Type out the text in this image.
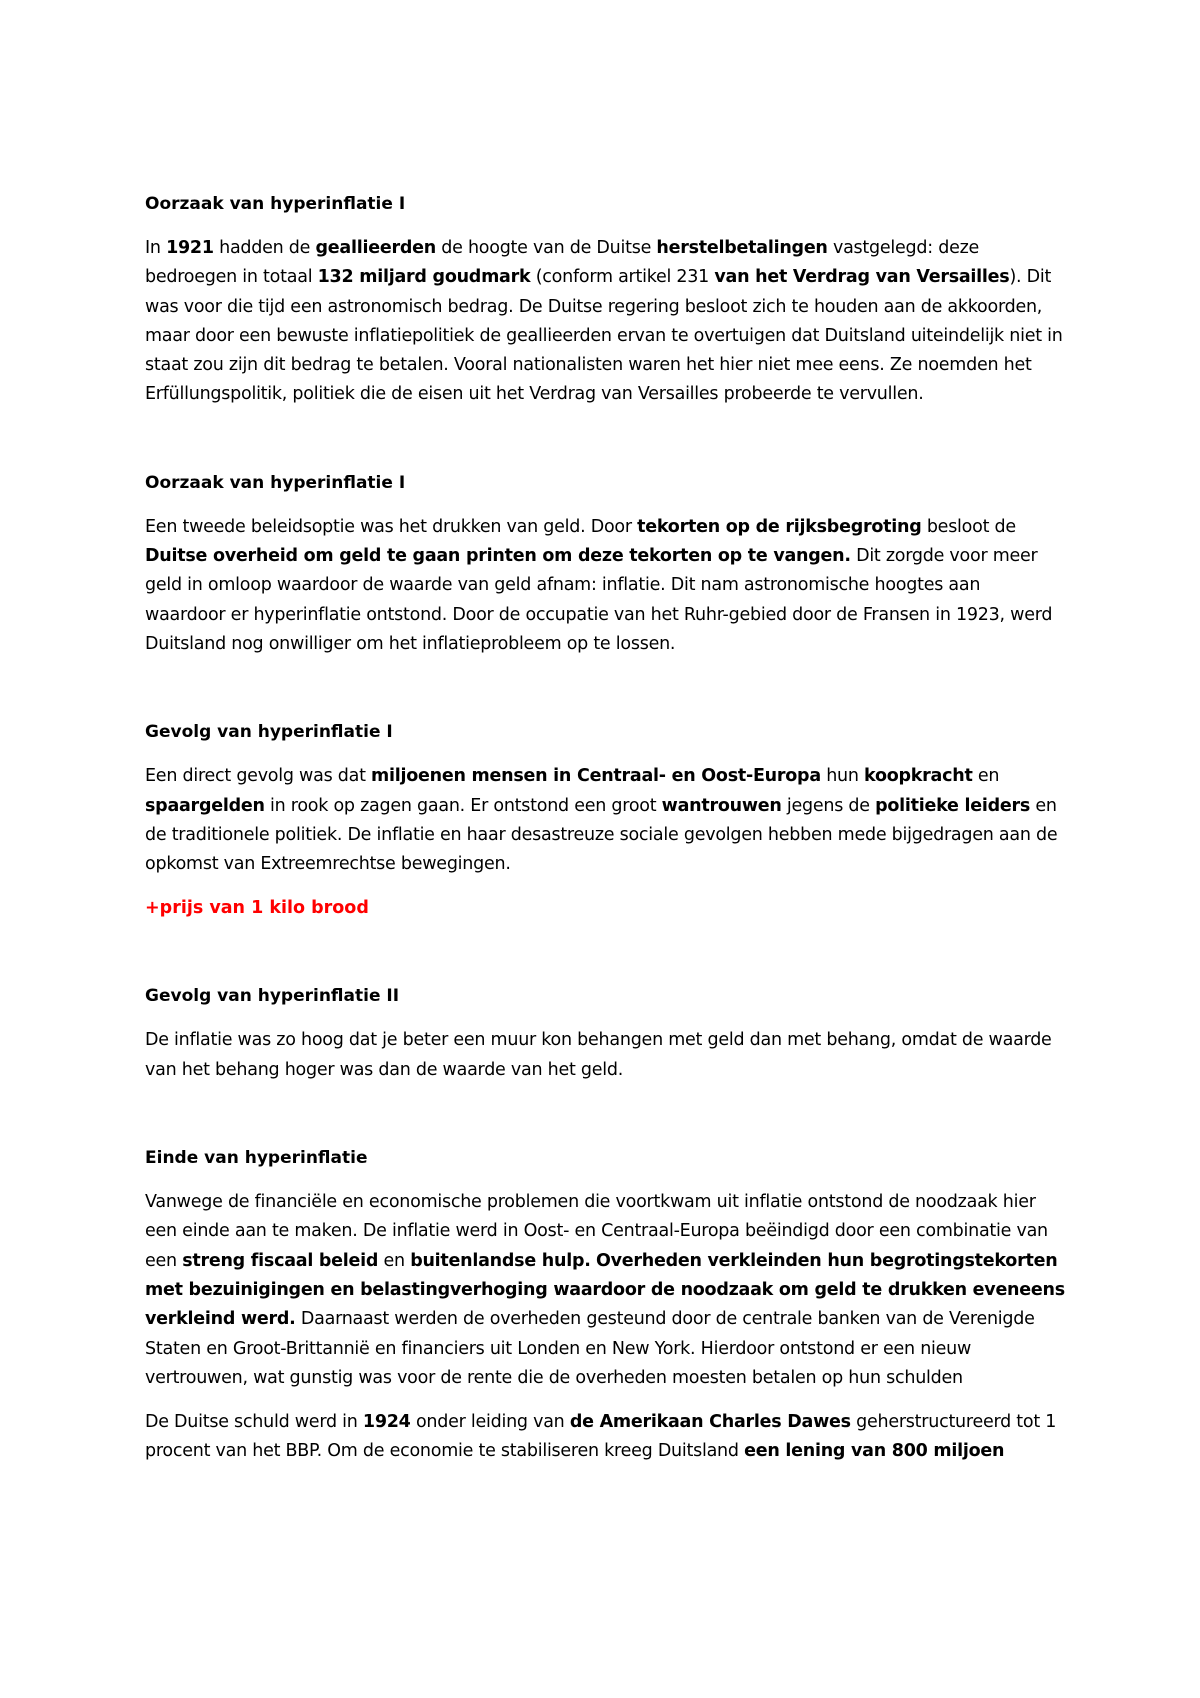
Oorzaak van hyperinflatie I

In 1921 hadden de geallieerden de hoogte van de Duitse herstelbetalingen vastgelegd: deze bedroegen in totaal 132 miljard goudmark (conform artikel 231 van het Verdrag van Versailles). Dit was voor die tijd een astronomisch bedrag. De Duitse regering besloot zich te houden aan de akkoorden, maar door een bewuste inflatiepolitiek de geallieerden ervan te overtuigen dat Duitsland uiteindelijk niet in staat zou zijn dit bedrag te betalen. Vooral nationalisten waren het hier niet mee eens. Ze noemden het Erfüllungspolitik, politiek die de eisen uit het Verdrag van Versailles probeerde te vervullen.

Oorzaak van hyperinflatie I

Een tweede beleidsoptie was het drukken van geld. Door tekorten op de rijksbegroting besloot de Duitse overheid om geld te gaan printen om deze tekorten op te vangen. Dit zorgde voor meer geld in omloop waardoor de waarde van geld afnam: inflatie. Dit nam astronomische hoogtes aan waardoor er hyperinflatie ontstond. Door de occupatie van het Ruhr-gebied door de Fransen in 1923, werd Duitsland nog onwilliger om het inflatieprobleem op te lossen.

Gevolg van hyperinflatie I

Een direct gevolg was dat miljoenen mensen in Centraal- en Oost-Europa hun koopkracht en spaargelden in rook op zagen gaan. Er ontstond een groot wantrouwen jegens de politieke leiders en de traditionele politiek. De inflatie en haar desastreuze sociale gevolgen hebben mede bijgedragen aan de opkomst van Extreemrechtse bewegingen.

+prijs van 1 kilo brood
Gevolg van hyperinflatie II

De inflatie was zo hoog dat je beter een muur kon behangen met geld dan met behang, omdat de waarde van het behang hoger was dan de waarde van het geld.

Einde van hyperinflatie

Vanwege de financiële en economische problemen die voortkwam uit inflatie ontstond de noodzaak hier een einde aan te maken. De inflatie werd in Oost- en Centraal-Europa beëindigd door een combinatie van een streng fiscaal beleid en buitenlandse hulp. Overheden verkleinden hun begrotingstekorten met bezuinigingen en belastingverhoging waardoor de noodzaak om geld te drukken eveneens verkleind werd. Daarnaast werden de overheden gesteund door de centrale banken van de Verenigde Staten en Groot-Brittannië en financiers uit Londen en New York. Hierdoor ontstond er een nieuw vertrouwen, wat gunstig was voor de rente die de overheden moesten betalen op hun schulden

De Duitse schuld werd in 1924 onder leiding van de Amerikaan Charles Dawes geherstructureerd tot 1 procent van het BBP. Om de economie te stabiliseren kreeg Duitsland een lening van 800 miljoen
